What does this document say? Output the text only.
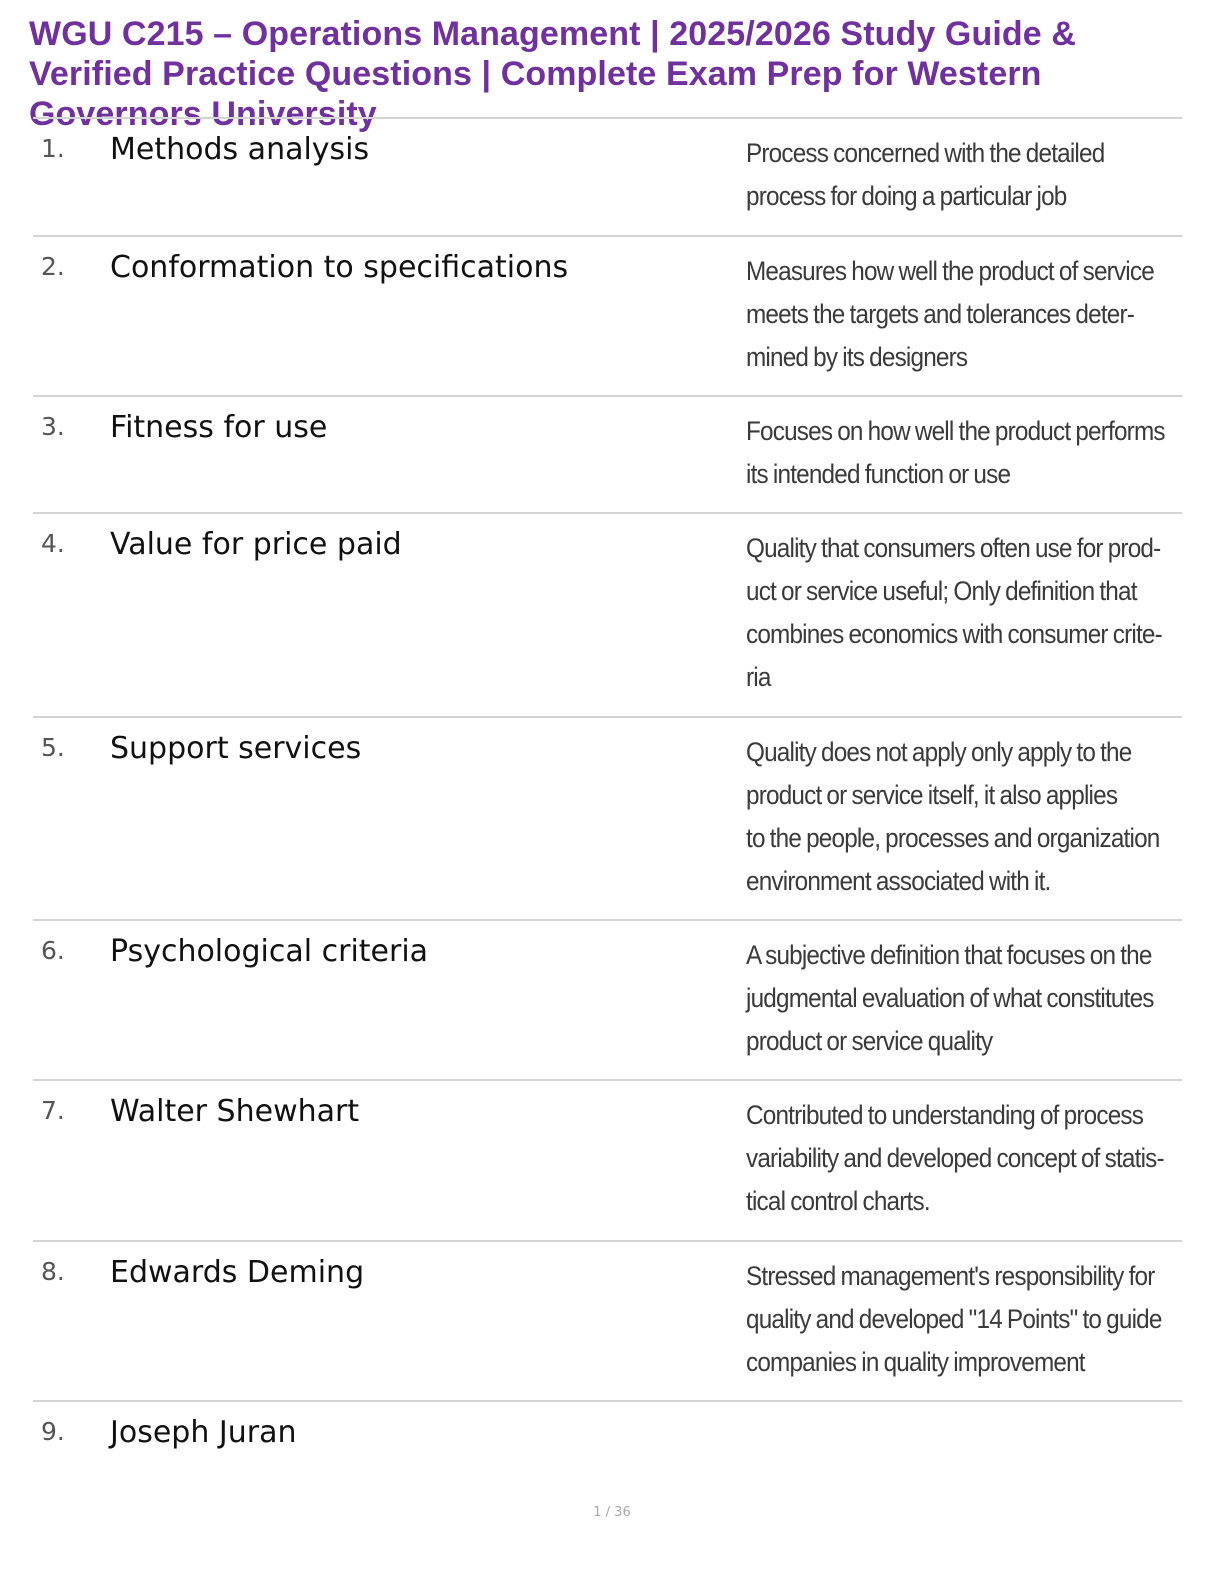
WGU C215 – Operations Management | 2025/2026 Study Guide & Verified Practice Questions | Complete Exam Prep for Western Governors University
1. Methods analysis	Process concerned with the detailed
process for doing a particular job
2. Conformation to specifications	Measures how well the product of service
meets the targets and tolerances deter-
mined by its designers
3. Fitness for use	Focuses on how well the product performs
its intended function or use
4. Value for price paid	Quality that consumers often use for prod-
uct or service useful; Only definition that
combines economics with consumer crite-
ria
5. Support services	Quality does not apply only apply to the
product or service itself, it also applies
to the people, processes and organization
environment associated with it.
6. Psychological criteria	A subjective definition that focuses on the
judgmental evaluation of what constitutes
product or service quality
7. Walter Shewhart	Contributed to understanding of process
variability and developed concept of statis-
tical control charts.
8. Edwards Deming	Stressed management's responsibility for
quality and developed "14 Points" to guide
companies in quality improvement
9. Joseph Juran
1 / 36
